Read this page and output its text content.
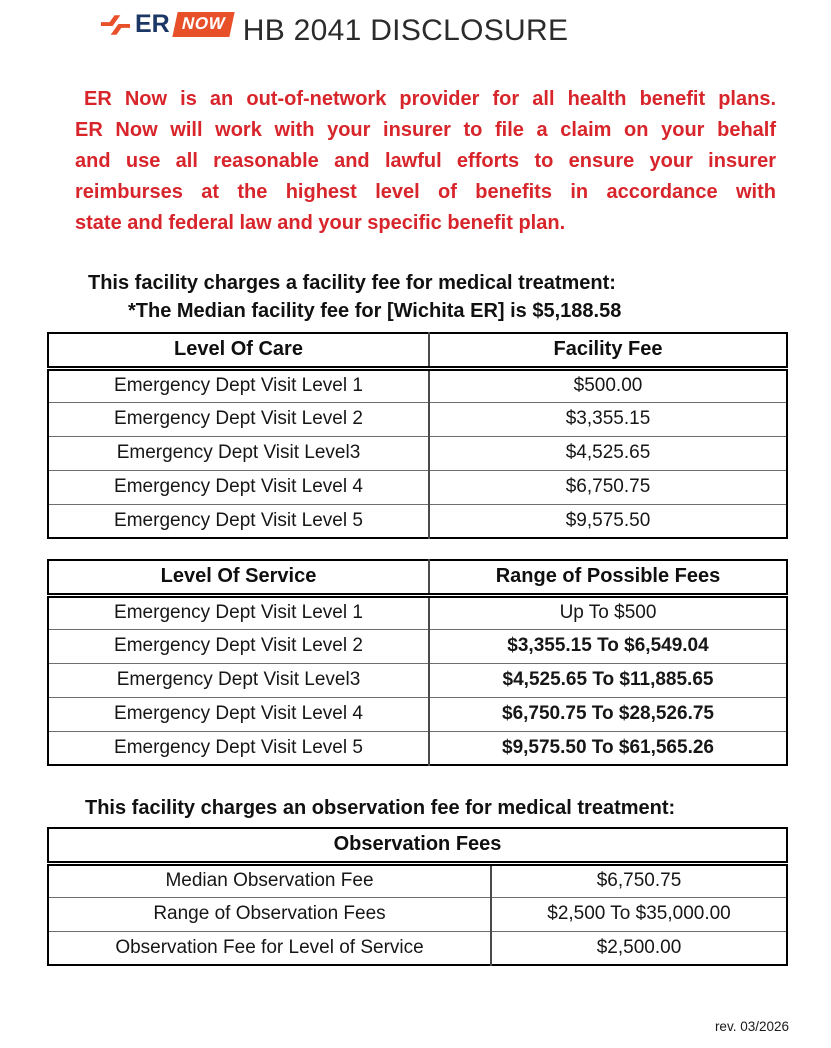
ER NOW HB 2041 DISCLOSURE
ER Now is an out-of-network provider for all health benefit plans.
ER Now will work with your insurer to file a claim on your behalf
and use all reasonable and lawful efforts to ensure your insurer
reimburses at the highest level of benefits in accordance with
state and federal law and your specific benefit plan.
This facility charges a facility fee for medical treatment:
*The Median facility fee for [Wichita ER] is $5,188.58
Level Of Care	Facility Fee
Emergency Dept Visit Level 1	$500.00
Emergency Dept Visit Level 2	$3,355.15
Emergency Dept Visit Level3	$4,525.65
Emergency Dept Visit Level 4	$6,750.75
Emergency Dept Visit Level 5	$9,575.50
Level Of Service	Range of Possible Fees
Emergency Dept Visit Level 1	Up To $500
Emergency Dept Visit Level 2	$3,355.15 To $6,549.04
Emergency Dept Visit Level3	$4,525.65 To $11,885.65
Emergency Dept Visit Level 4	$6,750.75 To $28,526.75
Emergency Dept Visit Level 5	$9,575.50 To $61,565.26
This facility charges an observation fee for medical treatment:
Observation Fees	
Median Observation Fee	$6,750.75
Range of Observation Fees	$2,500 To $35,000.00
Observation Fee for Level of Service	$2,500.00
rev. 03/2026
